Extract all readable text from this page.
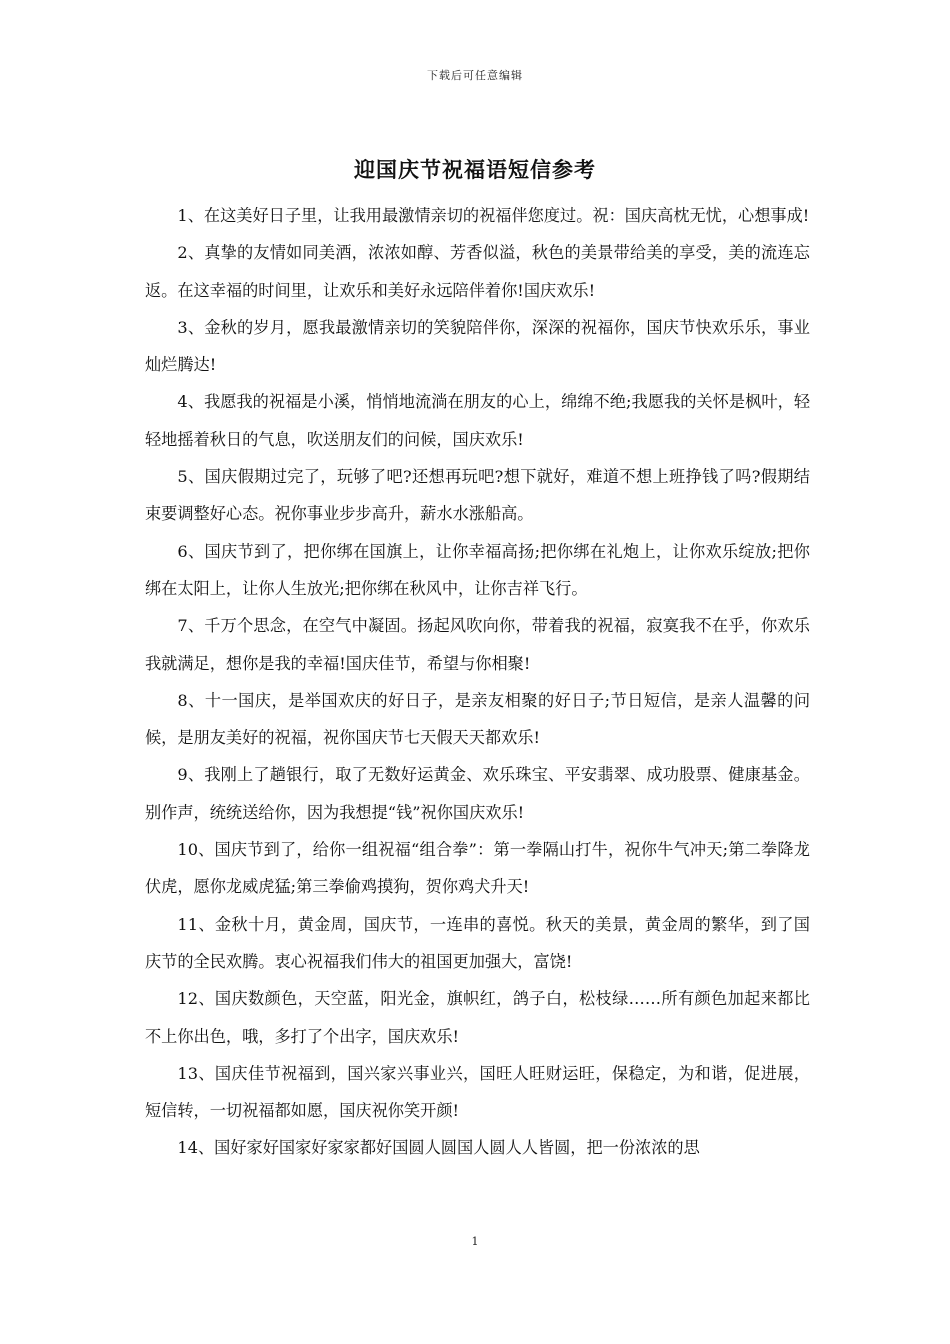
下载后可任意编辑
迎国庆节祝福语短信参考

1、在这美好日子里，让我用最激情亲切的祝福伴您度过。祝：国庆高枕无忧，心想事成!

2、真挚的友情如同美酒，浓浓如醇、芳香似溢，秋色的美景带给美的享受，美的流连忘返。在这幸福的时间里，让欢乐和美好永远陪伴着你!国庆欢乐!

3、金秋的岁月，愿我最激情亲切的笑貌陪伴你，深深的祝福你，国庆节快欢乐乐，事业灿烂腾达!

4、我愿我的祝福是小溪，悄悄地流淌在朋友的心上，绵绵不绝;我愿我的关怀是枫叶，轻轻地摇着秋日的气息，吹送朋友们的问候，国庆欢乐!

5、国庆假期过完了，玩够了吧?还想再玩吧?想下就好，难道不想上班挣钱了吗?假期结束要调整好心态。祝你事业步步高升，薪水水涨船高。

6、国庆节到了，把你绑在国旗上，让你幸福高扬;把你绑在礼炮上，让你欢乐绽放;把你绑在太阳上，让你人生放光;把你绑在秋风中，让你吉祥飞行。

7、千万个思念，在空气中凝固。扬起风吹向你，带着我的祝福，寂寞我不在乎，你欢乐我就满足，想你是我的幸福!国庆佳节，希望与你相聚!

8、十一国庆，是举国欢庆的好日子，是亲友相聚的好日子;节日短信，是亲人温馨的问候，是朋友美好的祝福，祝你国庆节七天假天天都欢乐!

9、我刚上了趟银行，取了无数好运黄金、欢乐珠宝、平安翡翠、成功股票、健康基金。别作声，统统送给你，因为我想提“钱”祝你国庆欢乐!

10、国庆节到了，给你一组祝福“组合拳”：第一拳隔山打牛，祝你牛气冲天;第二拳降龙伏虎，愿你龙威虎猛;第三拳偷鸡摸狗，贺你鸡犬升天!

11、金秋十月，黄金周，国庆节，一连串的喜悦。秋天的美景，黄金周的繁华，到了国庆节的全民欢腾。衷心祝福我们伟大的祖国更加强大，富饶!

12、国庆数颜色，天空蓝，阳光金，旗帜红，鸽子白，松枝绿……所有颜色加起来都比不上你出色，哦，多打了个出字，国庆欢乐!

13、国庆佳节祝福到，国兴家兴事业兴，国旺人旺财运旺，保稳定，为和谐，促进展，短信转，一切祝福都如愿，国庆祝你笑开颜!

14、国好家好国家好家家都好国圆人圆国人圆人人皆圆，把一份浓浓的思

1
